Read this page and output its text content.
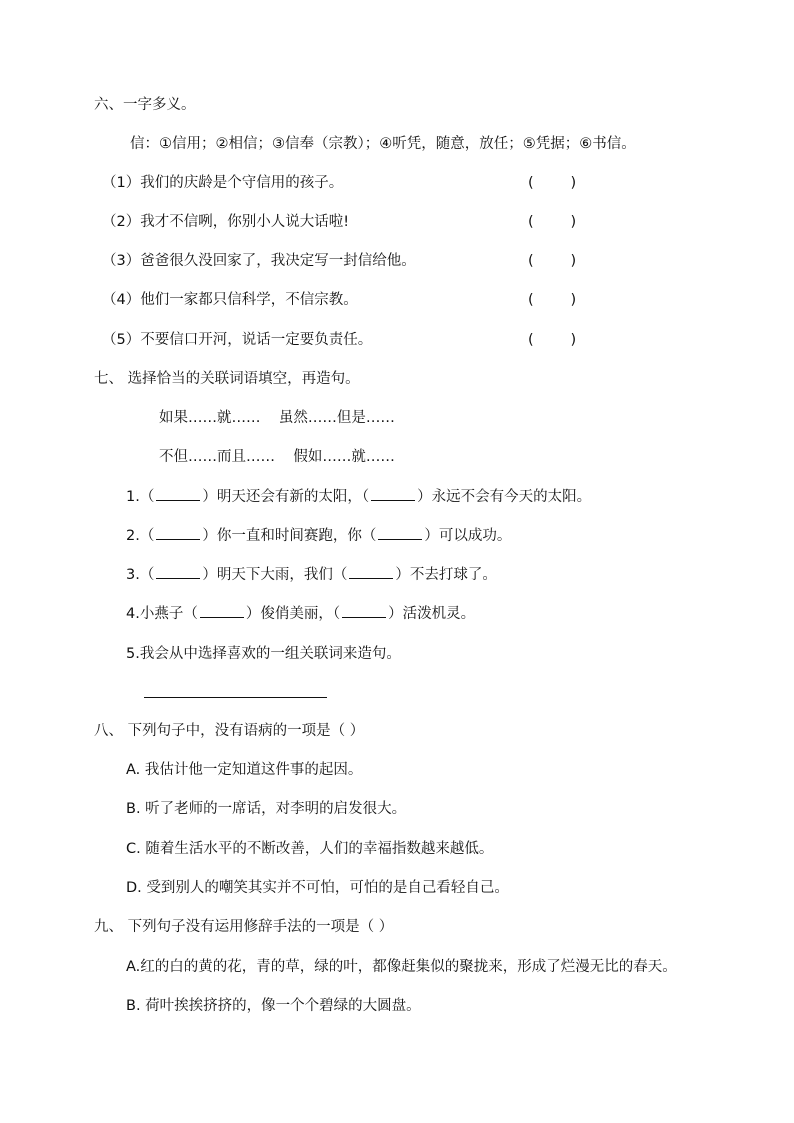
六、一字多义。
信：①信用；②相信；③信奉（宗教）；④听凭，随意，放任；⑤凭据；⑥书信。
（1）我们的庆龄是个守信用的孩子。	(        )
（2）我才不信咧，你别小人说大话啦!	(        )
（3）爸爸很久没回家了，我决定写一封信给他。	(        )
（4）他们一家都只信科学，不信宗教。	(        )
（5）不要信口开河，说话一定要负责任。	(        )
七、 选择恰当的关联词语填空，再造句。
如果……就……    虽然……但是……
不但……而且……    假如……就……
1.（	）明天还会有新的太阳，（	）永远不会有今天的太阳。
2.（	）你一直和时间赛跑，你（	）可以成功。
3.（	）明天下大雨，我们（	）不去打球了。
4.小燕子（	）俊俏美丽，（	）活泼机灵。
5.我会从中选择喜欢的一组关联词来造句。
八、 下列句子中，没有语病的一项是（ ）
A. 我估计他一定知道这件事的起因。
B. 听了老师的一席话，对李明的启发很大。
C. 随着生活水平的不断改善，人们的幸福指数越来越低。
D. 受到别人的嘲笑其实并不可怕，可怕的是自己看轻自己。
九、 下列句子没有运用修辞手法的一项是（ ）
A.红的白的黄的花，青的草，绿的叶，都像赶集似的聚拢来，形成了烂漫无比的春天。
B. 荷叶挨挨挤挤的，像一个个碧绿的大圆盘。
